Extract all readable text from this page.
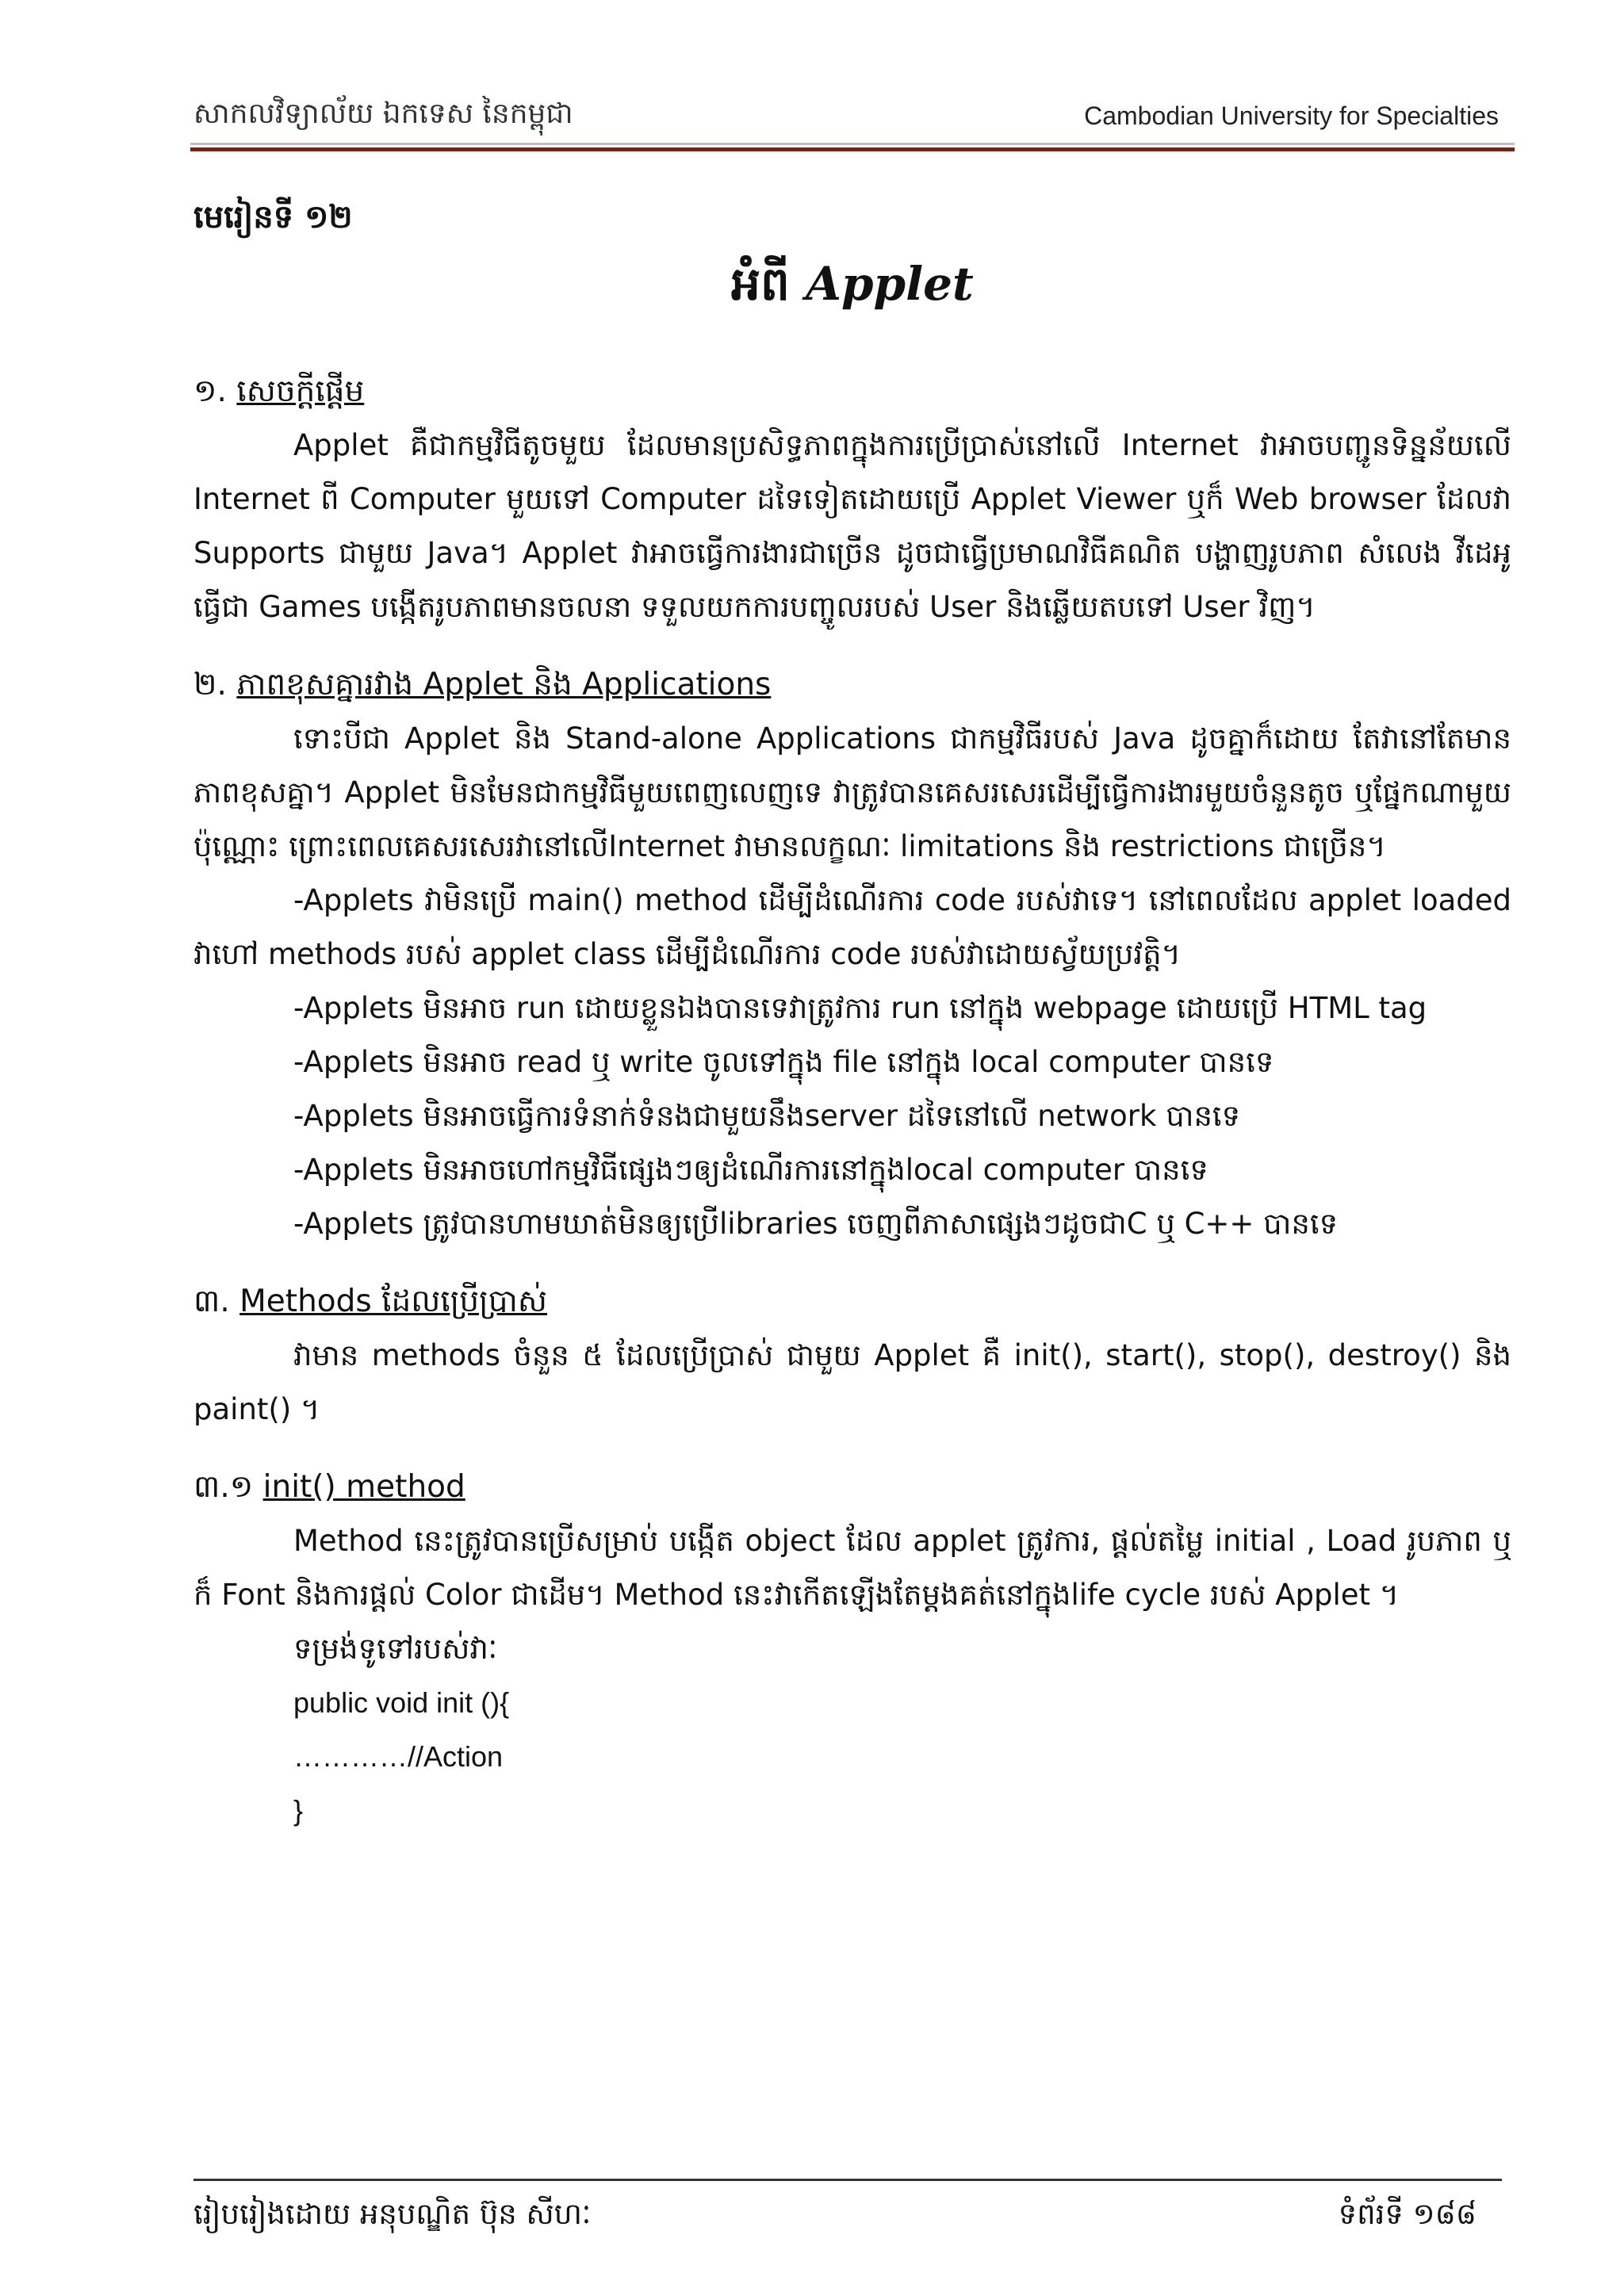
សាកលវិទ្យាល័យ ឯកទេស នៃកម្ពុជា	Cambodian University for Specialties

មេរៀនទី ១២

អំពី Applet

១. សេចក្តីផ្តើម

Applet គឺជាកម្មវិធីតូចមួយ ដែលមានប្រសិទ្ធភាពក្នុងការប្រើប្រាស់នៅលើ Internet វាអាចបញ្ជូនទិន្នន័យលើ Internet ពី Computer មួយទៅ Computer ដទៃទៀតដោយប្រើ Applet Viewer ឬក៏ Web browser ដែលវា Supports ជាមួយ Java។ Applet វាអាចធ្វើការងារជាច្រើន ដូចជាធ្វើប្រមាណវិធីគណិត បង្ហាញរូបភាព សំលេង វីដេអូ ធ្វើជា Games បង្កើតរូបភាពមានចលនា ទទួលយកការបញ្ចូលរបស់ User និងឆ្លើយតបទៅ User វិញ។

២. ភាពខុសគ្នារវាង Applet និង Applications

ទោះបីជា Applet និង Stand-alone Applications ជាកម្មវិធីរបស់ Java ដូចគ្នាក៏ដោយ តែវានៅតែមានភាពខុសគ្នា។ Applet មិនមែនជាកម្មវិធីមួយពេញលេញទេ វាត្រូវបានគេសរសេរដើម្បីធ្វើការងារមួយចំនួនតូច ឬផ្នែកណាមួយប៉ុណ្ណោះ ព្រោះពេលគេសរសេរវានៅលើInternet វាមានលក្ខណៈ limitations និង restrictions ជាច្រើន។

-Applets វាមិនប្រើ main() method ដើម្បីដំណើរការ code របស់វាទេ។ នៅពេលដែល applet loaded វាហៅ methods របស់ applet class ដើម្បីដំណើរការ code របស់វាដោយស្វ័យប្រវត្តិ។

-Applets មិនអាច run ដោយខ្លួនឯងបានទេវាត្រូវការ run នៅក្នុង webpage ដោយប្រើ HTML tag

-Applets មិនអាច read ឬ write ចូលទៅក្នុង file នៅក្នុង local computer បានទេ

-Applets មិនអាចធ្វើការទំនាក់ទំនងជាមួយនឹងserver ដទៃនៅលើ network បានទេ

-Applets មិនអាចហៅកម្មវិធីផ្សេងៗឲ្យដំណើរការនៅក្នុងlocal computer បានទេ

-Applets ត្រូវបានហាមឃាត់មិនឲ្យប្រើlibraries ចេញពីភាសាផ្សេងៗដូចជាC ឬ C++ បានទេ

៣. Methods ដែលប្រើប្រាស់

វាមាន methods ចំនួន ៥ ដែលប្រើប្រាស់ ជាមួយ Applet គឺ init(), start(), stop(), destroy() និង paint() ។

៣.១ init() method

Method នេះត្រូវបានប្រើសម្រាប់ បង្កើត object ដែល applet ត្រូវការ, ផ្តល់តម្លៃ initial , Load រូបភាព ឬ ក៏ Font និងការផ្តល់ Color ជាដើម។ Method នេះវាកើតឡើងតែម្តងគត់នៅក្នុងlife cycle របស់ Applet ។

ទម្រង់ទូទៅរបស់វាៈ

public void init (){

…………//Action

}

រៀបរៀងដោយ អនុបណ្ឌិត ប៊ុន សីហៈ	ទំព័រទី ១៨៨
